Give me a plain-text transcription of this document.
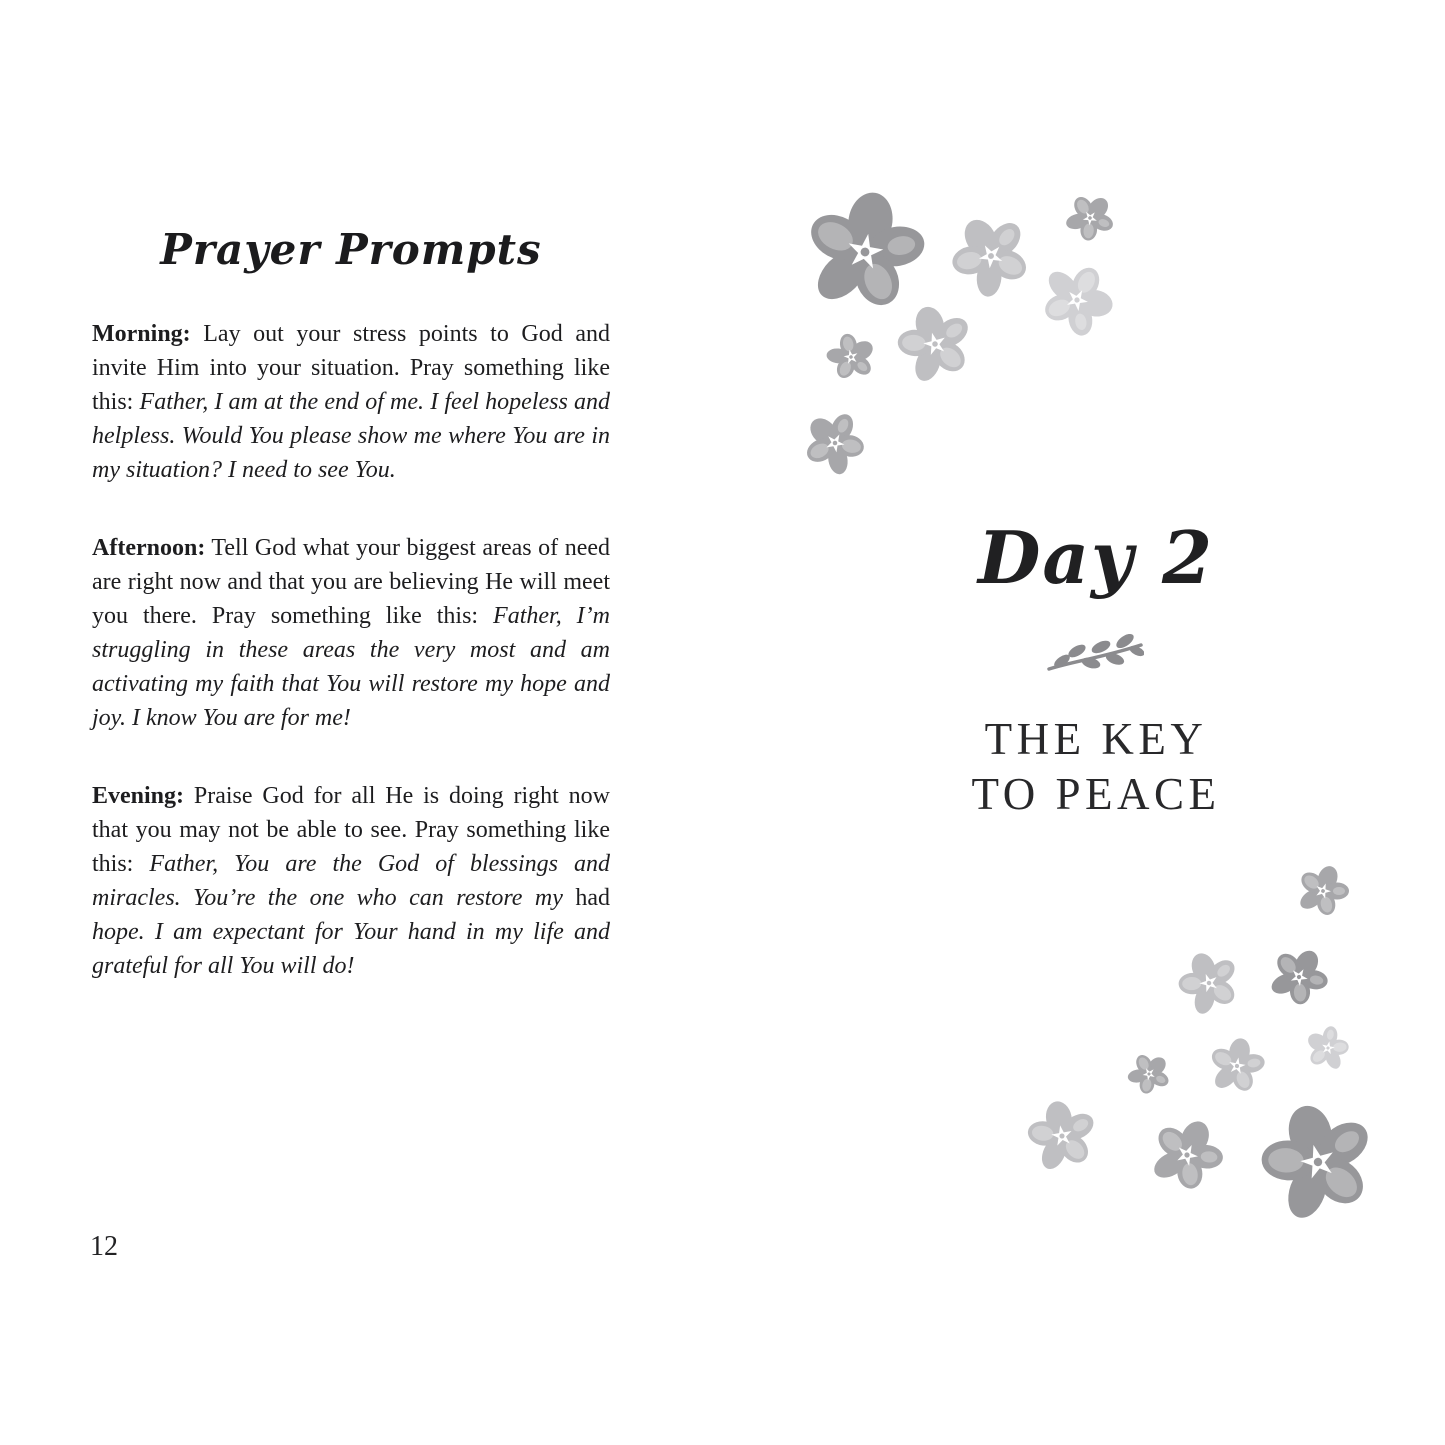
Prayer Prompts

Morning: Lay out your stress points to God and invite Him into your situation. Pray something like this: Father, I am at the end of me. I feel hopeless and helpless. Would You please show me where You are in my situation? I need to see You.

Afternoon: Tell God what your biggest areas of need are right now and that you are believing He will meet you there. Pray something like this: Father, I’m struggling in these areas the very most and am activating my faith that You will restore my hope and joy. I know You are for me!

Evening: Praise God for all He is doing right now that you may not be able to see. Pray something like this: Father, You are the God of blessings and miracles. You’re the one who can restore my had hope. I am expectant for Your hand in my life and grateful for all You will do!

12
Day 2
THE KEY
TO PEACE
